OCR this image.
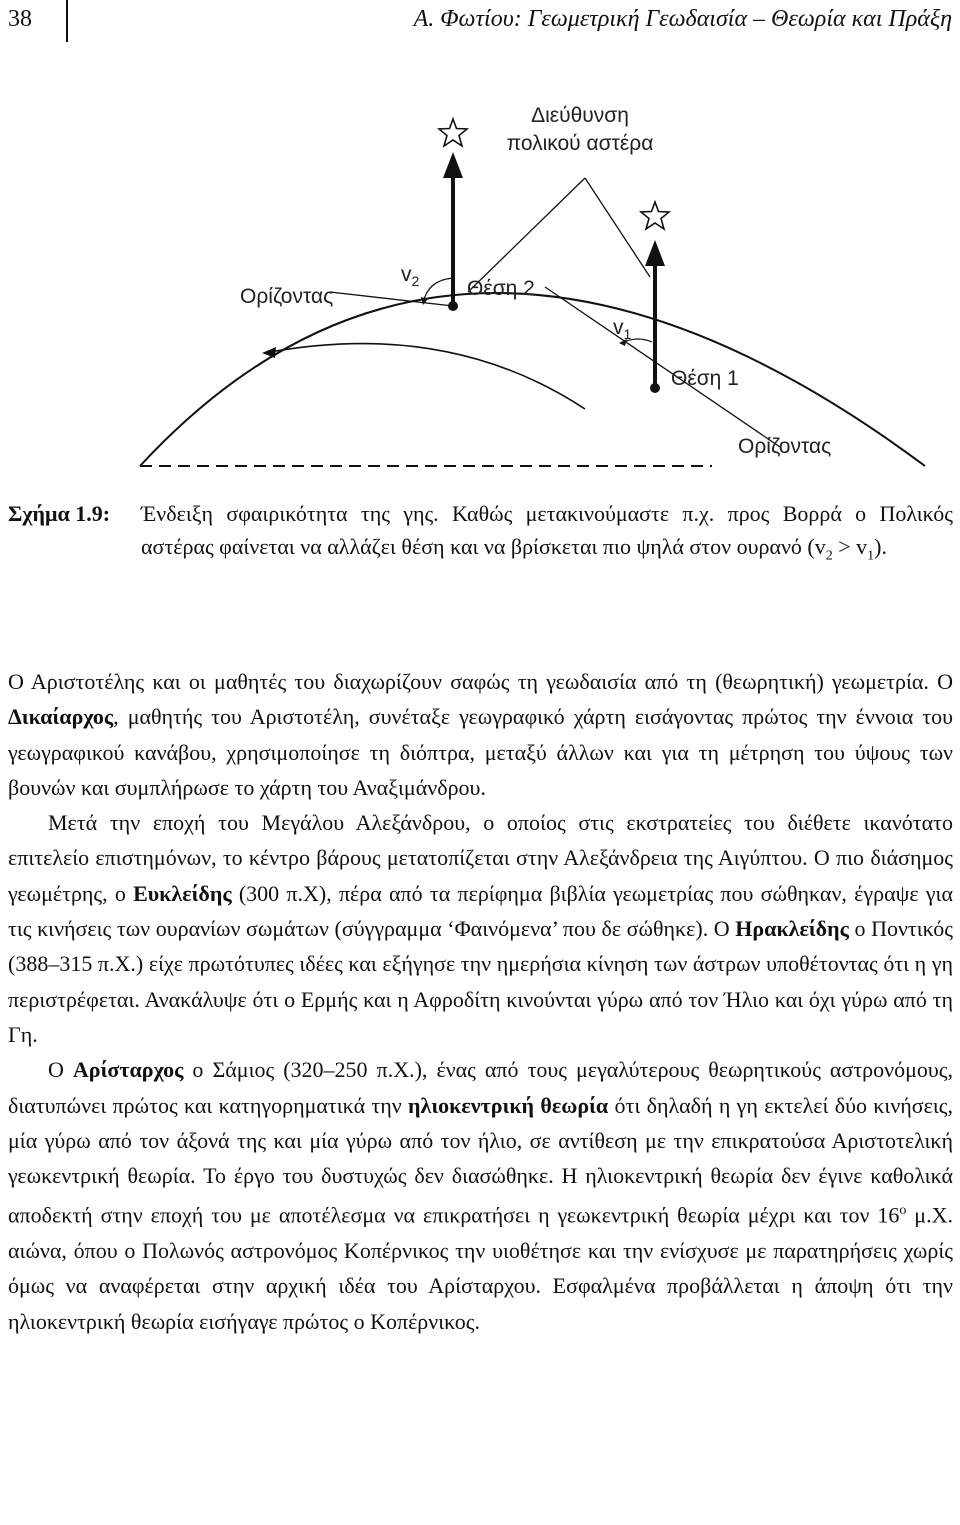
38	Α. Φωτίου: Γεωμετρική Γεωδαισία – Θεωρία και Πράξη
Διεύθυνση
πολικού αστέρα
Ορίζοντας
$v_2$ Θέση 2
$v_1$
Θέση 1
Ορίζοντας
Σχήμα 1.9: Ένδειξη σφαιρικότητα της γης. Καθώς μετακινούμαστε π.χ. προς Βορρά ο Πολικός αστέρας φαίνεται να αλλάζει θέση και να βρίσκεται πιο ψηλά στον ουρανό $(v_2 > v_1)$.

Ο Αριστοτέλης και οι μαθητές του διαχωρίζουν σαφώς τη γεωδαισία από τη (θεωρητική) γεωμετρία. Ο Δικαίαρχος, μαθητής του Αριστοτέλη, συνέταξε γεωγραφικό χάρτη εισάγοντας πρώτος την έννοια του γεωγραφικού κανάβου, χρησιμοποίησε τη διόπτρα, μεταξύ άλλων και για τη μέτρηση του ύψους των βουνών και συμπλήρωσε το χάρτη του Αναξιμάνδρου.

Μετά την εποχή του Μεγάλου Αλεξάνδρου, ο οποίος στις εκστρατείες του διέθετε ικανότατο επιτελείο επιστημόνων, το κέντρο βάρους μετατοπίζεται στην Αλεξάνδρεια της Αιγύπτου. Ο πιο διάσημος γεωμέτρης, ο Ευκλείδης (300 π.Χ), πέρα από τα περίφημα βιβλία γεωμετρίας που σώθηκαν, έγραψε για τις κινήσεις των ουρανίων σωμάτων (σύγγραμμα ‘Φαινόμενα’ που δε σώθηκε). Ο Ηρακλείδης ο Ποντικός (388–315 π.Χ.) είχε πρωτότυπες ιδέες και εξήγησε την ημερήσια κίνηση των άστρων υποθέτοντας ότι η γη περιστρέφεται. Ανακάλυψε ότι ο Ερμής και η Αφροδίτη κινούνται γύρω από τον Ήλιο και όχι γύρω από τη Γη.

Ο Αρίσταρχος ο Σάμιος (320–250 π.Χ.), ένας από τους μεγαλύτερους θεωρητικούς αστρονόμους, διατυπώνει πρώτος και κατηγορηματικά την ηλιοκεντρική θεωρία ότι δηλαδή η γη εκτελεί δύο κινήσεις, μία γύρω από τον άξονά της και μία γύρω από τον ήλιο, σε αντίθεση με την επικρατούσα Αριστοτελική γεωκεντρική θεωρία. Το έργο του δυστυχώς δεν διασώθηκε. Η ηλιοκεντρική θεωρία δεν έγινε καθολικά αποδεκτή στην εποχή του με αποτέλεσμα να επικρατήσει η γεωκεντρική θεωρία μέχρι και τον $16^o$ μ.Χ. αιώνα, όπου ο Πολωνός αστρονόμος Κοπέρνικος την υιοθέτησε και την ενίσχυσε με παρατηρήσεις χωρίς όμως να αναφέρεται στην αρχική ιδέα του Αρίσταρχου. Εσφαλμένα προβάλλεται η άποψη ότι την ηλιοκεντρική θεωρία εισήγαγε πρώτος ο Κοπέρνικος.
